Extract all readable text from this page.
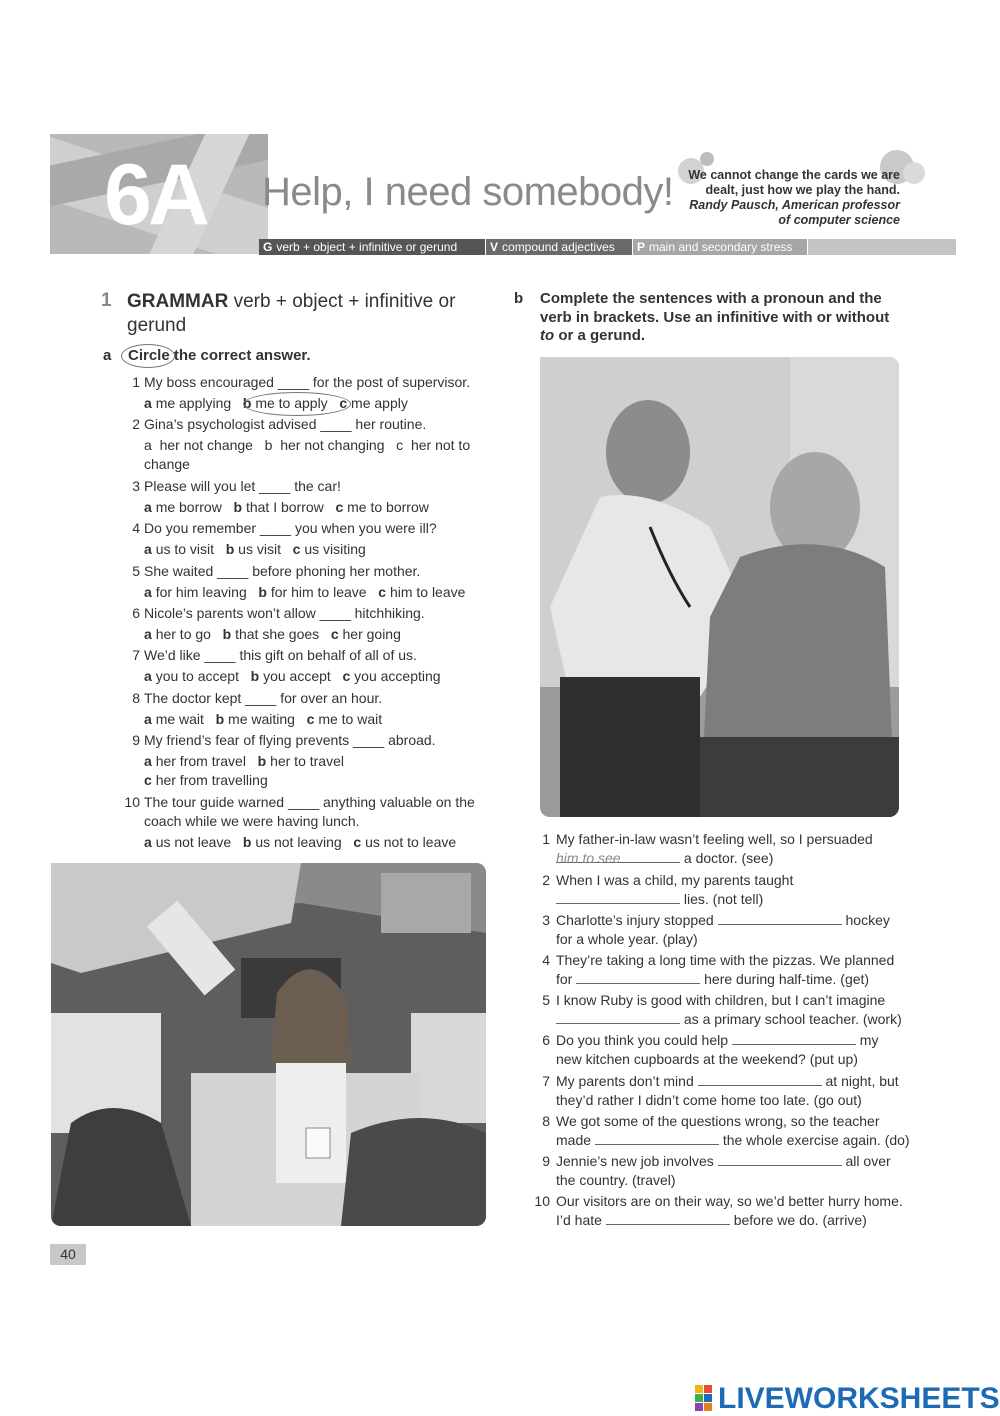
6A Help, I need somebody!	We cannot change the cards we are
dealt, just how we play the hand.
Randy Pausch, American professor
of computer science
G verb + object + infinitive or gerund	V compound adjectives	P main and secondary stress
1 GRAMMAR verb + object + infinitive or
gerund
a Circle the correct answer.
1 My boss encouraged ____ for the post of supervisor.
a me applying b me to apply c me apply
2 Gina’s psychologist advised ____ her routine.
a  her not change   b  her not changing   c  her not to
change
3 Please will you let ____ the car!
a me borrow b that I borrow c me to borrow
4 Do you remember ____ you when you were ill?
a us to visit b us visit c us visiting
5 She waited ____ before phoning her mother.
a for him leaving b for him to leave c him to leave
6 Nicole’s parents won’t allow ____ hitchhiking.
a her to go b that she goes c her going
7 We’d like ____ this gift on behalf of all of us.
a you to accept b you accept c you accepting
8 The doctor kept ____ for over an hour.
a me wait b me waiting c me to wait
9 My friend’s fear of flying prevents ____ abroad.
a her from travel b her to travel
c her from travelling
10 The tour guide warned ____ anything valuable on the
coach while we were having lunch.
a us not leave b us not leaving c us not to leave
b Complete the sentences with a pronoun and the
verb in brackets. Use an infinitive with or without
to or a gerund.
1 My father-in-law wasn’t feeling well, so I persuaded
him to see	a doctor. (see)
2 When I was a child, my parents taught
lies. (not tell)
3 Charlotte’s injury stopped	hockey
for a whole year. (play)
4 They’re taking a long time with the pizzas. We planned
for	here during half-time. (get)
5 I know Ruby is good with children, but I can’t imagine
as a primary school teacher. (work)
6 Do you think you could help	my
new kitchen cupboards at the weekend? (put up)
7 My parents don’t mind	at night, but
they’d rather I didn’t come home too late. (go out)
8 We got some of the questions wrong, so the teacher
made	the whole exercise again. (do)
9 Jennie’s new job involves	all over
the country. (travel)
10 Our visitors are on their way, so we’d better hurry home.
I’d hate	before we do. (arrive)
40
LIVEWORKSHEETS
